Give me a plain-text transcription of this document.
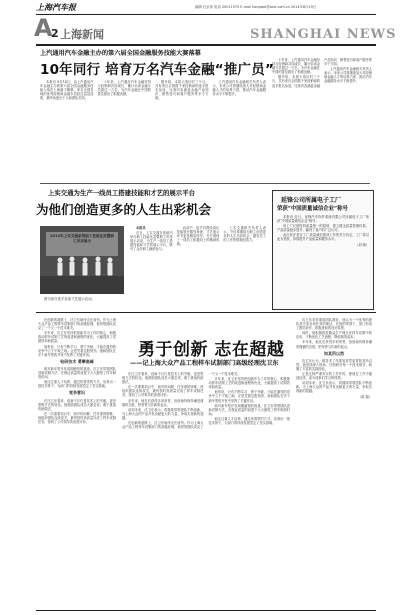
上海汽车报	编辑 杜京伟 电话 20011575 E-mail hongwei@saic.com.cn 2014年8月19日
A
2 上海新闻	SHANGHAI NEWS
上汽通用汽车金融主办的第六届全国金融服务技能大赛落幕
10年同行 培育万名汽车金融“推广员”

本报讯 8月14日，由上汽通用汽车金融主办的第六届全国金融服务技能大赛在上海落下帷幕。来自全国各地的优秀经销商金融专员经过层层选拔，最终角逐出个人和团队奖项。

十年来，上汽通用汽车金融坚持与经销商共同成长，累计培训金融专员超过一万名，为汽车金融在中国的普及做出了积极贡献。

据介绍，本届大赛历时三个月，共有来自全国数千家经销商的选手报名参加，比赛内容涵盖金融产品知识、销售技巧和客户服务等多个方面。

上汽通用汽车金融相关负责人表示，未来公司将继续加大对经销商金融人才的培养力度，推动汽车金融服务水平不断提升。

上实交通为生产一线员工搭建技能和才艺的展示平台
为他们创造更多的人生出彩机会
2014年上实交通系统职工技能比武暨职工风采展示
图为部分选手参加才艺展示活动。

本报讯

近日，上实交通在系统内举办职工技能比武暨职工风采展示活动，为生产一线员工搭建技能和才艺的展示平台，吸引了众多职工踊跃参与。

活动中，选手们围绕岗位技能展开激烈角逐，才艺展示环节更是精彩纷呈，充分展现了一线员工积极向上的精神风貌。

上实交通相关负责人表示，今后将继续为职工创造更多的人生出彩机会，激发员工的工作热情和创造力。

十年来，上汽通用汽车金融坚持与经销商共同成长，累计培训金融专员超过一万名，为汽车金融在中国的普及做出了积极贡献。

据介绍，本届大赛历时三个月，共有来自全国数千家经销商的选手报名参加，比赛内容涵盖金融产品知识、销售技巧和客户服务等多个方面。

上汽通用汽车金融相关负责人表示，未来公司将继续加大对经销商金融人才的培养力度，推动汽车金融服务水平不断提升。

延锋公司所属电子工厂
荣获“中国质量诚信企业”称号

本报讯 近日，延锋汽车饰件系统有限公司所属电子工厂荣获“中国质量诚信企业”称号。

该工厂长期坚持质量第一的原则，建立健全质量管理体系，产品质量稳步提升，赢得了客户的广泛认可。

此次获评是对工厂质量诚信建设工作的充分肯定，工厂将以此为契机，持续提升产品质量和服务水平。

（刘 晓）

在创新的道路上，沈卫东始终走在前列。作为上海大众产品工程样车试制部门的高级经理，他带领团队攻克了一个又一个技术难关。

多年来，沈卫东坚持把创新作为工作的核心，积极推动样车试制工艺的改进和流程的优化，大幅提高了试制效率和质量。

他常说，只有不断学习、勇于突破，才能在激烈的竞争中立于不败之地。正是凭着这股韧劲，他和团队在多个新车型的开发中发挥了关键作用。

钻研技术 勇攀高峰

面对新车型开发周期缩短的挑战，沈卫东带领团队创新试制方法，在保证质量的前提下大大缩短了样车制造时间。

他还注重人才培养，通过传帮带的方式，培养出一批技术骨干，为部门的持续发展奠定了坚实基础。

竞争意识

在沈卫东看来，创新不仅仅是技术上的突破，更是思维方式的转变。他鼓励团队成员大胆尝试，敢于挑战传统做法。

在一次重要项目中，面对时间紧、任务重的困难，他组织团队连续攻关，最终按时高质量完成了样车试制任务，得到了公司领导的高度评价。

勇于创新 志在超越
——记上海大众产品工程样车试制部门高级经理沈卫东

在沈卫东看来，创新不仅仅是技术上的突破，更是思维方式的转变。他鼓励团队成员大胆尝试，敢于挑战传统做法。

在一次重要项目中，面对时间紧、任务重的困难，他组织团队连续攻关，最终按时高质量完成了样车试制任务，得到了公司领导的高度评价。

多年来，他先后获得多项荣誉，但他始终保持谦虚谨慎的态度，把荣誉当作新的起点。

谈到未来，沈卫东表示，将继续带领团队不断创新，为上海大众的产品开发贡献更大的力量，争取实现新的超越。

在创新的道路上，沈卫东始终走在前列。作为上海大众产品工程样车试制部门的高级经理，他带领团队攻克了一个又一个技术难关。

多年来，沈卫东坚持把创新作为工作的核心，积极推动样车试制工艺的改进和流程的优化，大幅提高了试制效率和质量。

他常说，只有不断学习、勇于突破，才能在激烈的竞争中立于不败之地。正是凭着这股韧劲，他和团队在多个新车型的开发中发挥了关键作用。

面对新车型开发周期缩短的挑战，沈卫东带领团队创新试制方法，在保证质量的前提下大大缩短了样车制造时间。

他还注重人才培养，通过传帮带的方式，培养出一批技术骨干，为部门的持续发展奠定了坚实基础。

沈卫东非常重视团队建设，他认为一个优秀的团队是完成各项任务的保证。在他的带领下，部门形成了团结协作、积极进取的良好氛围。

同时，他积极推进精益生产理念在样车试制中的应用，不断优化工艺流程，降低制造成本。

多年来，他先后获得多项荣誉，但他始终保持谦虚谨慎的态度，把荣誉当作新的起点。

知其所以然

沈卫东认为，做技术工作要知其然更要知其所以然。他坚持深入现场，仔细研究每一个技术细节，积累了丰富的实践经验。

正是这种严谨务实的工作作风，使他在工作中屡创佳绩，成为同事们学习的榜样。

谈到未来，沈卫东表示，将继续带领团队不断创新，为上海大众的产品开发贡献更大的力量，争取实现新的超越。

（陈 磊）
